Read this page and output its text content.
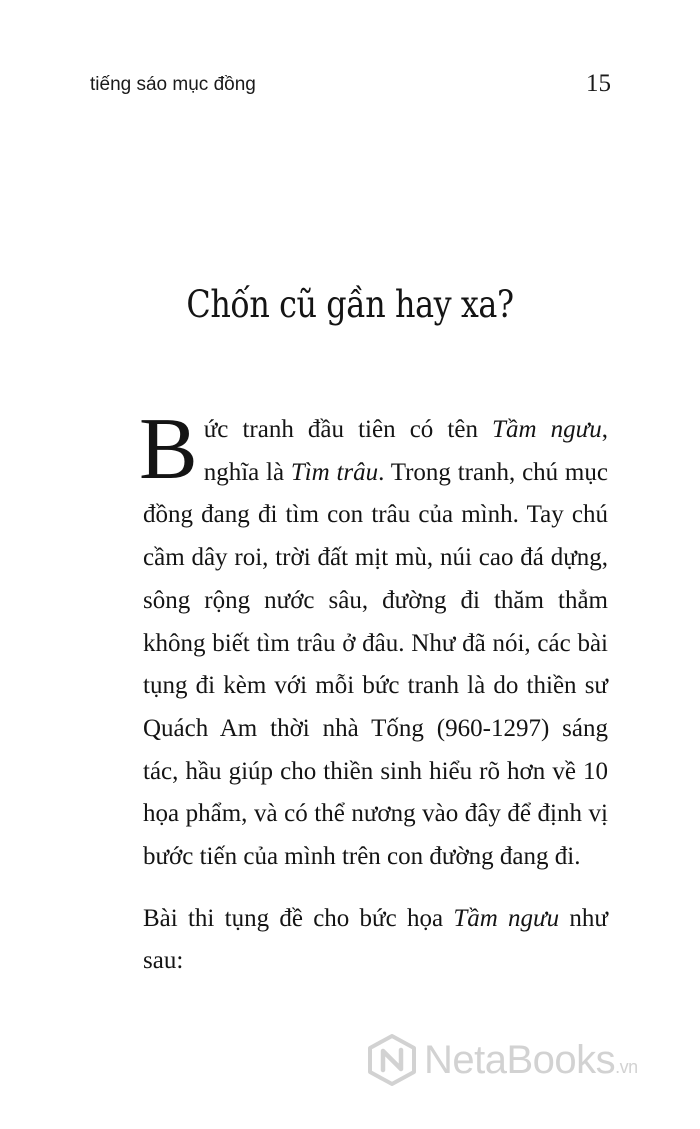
tiếng sáo mục đồng	15
Chốn cũ gần hay xa?

Bức tranh đầu tiên có tên Tầm ngưu, nghĩa là Tìm trâu. Trong tranh, chú mục đồng đang đi tìm con trâu của mình. Tay chú cầm dây roi, trời đất mịt mù, núi cao đá dựng, sông rộng nước sâu, đường đi thăm thẳm không biết tìm trâu ở đâu. Như đã nói, các bài tụng đi kèm với mỗi bức tranh là do thiền sư Quách Am thời nhà Tống (960-1297) sáng tác, hầu giúp cho thiền sinh hiểu rõ hơn về 10 họa phẩm, và có thể nương vào đây để định vị bước tiến của mình trên con đường đang đi.

Bài thi tụng đề cho bức họa Tầm ngưu như sau:

NetaBooks.vn
